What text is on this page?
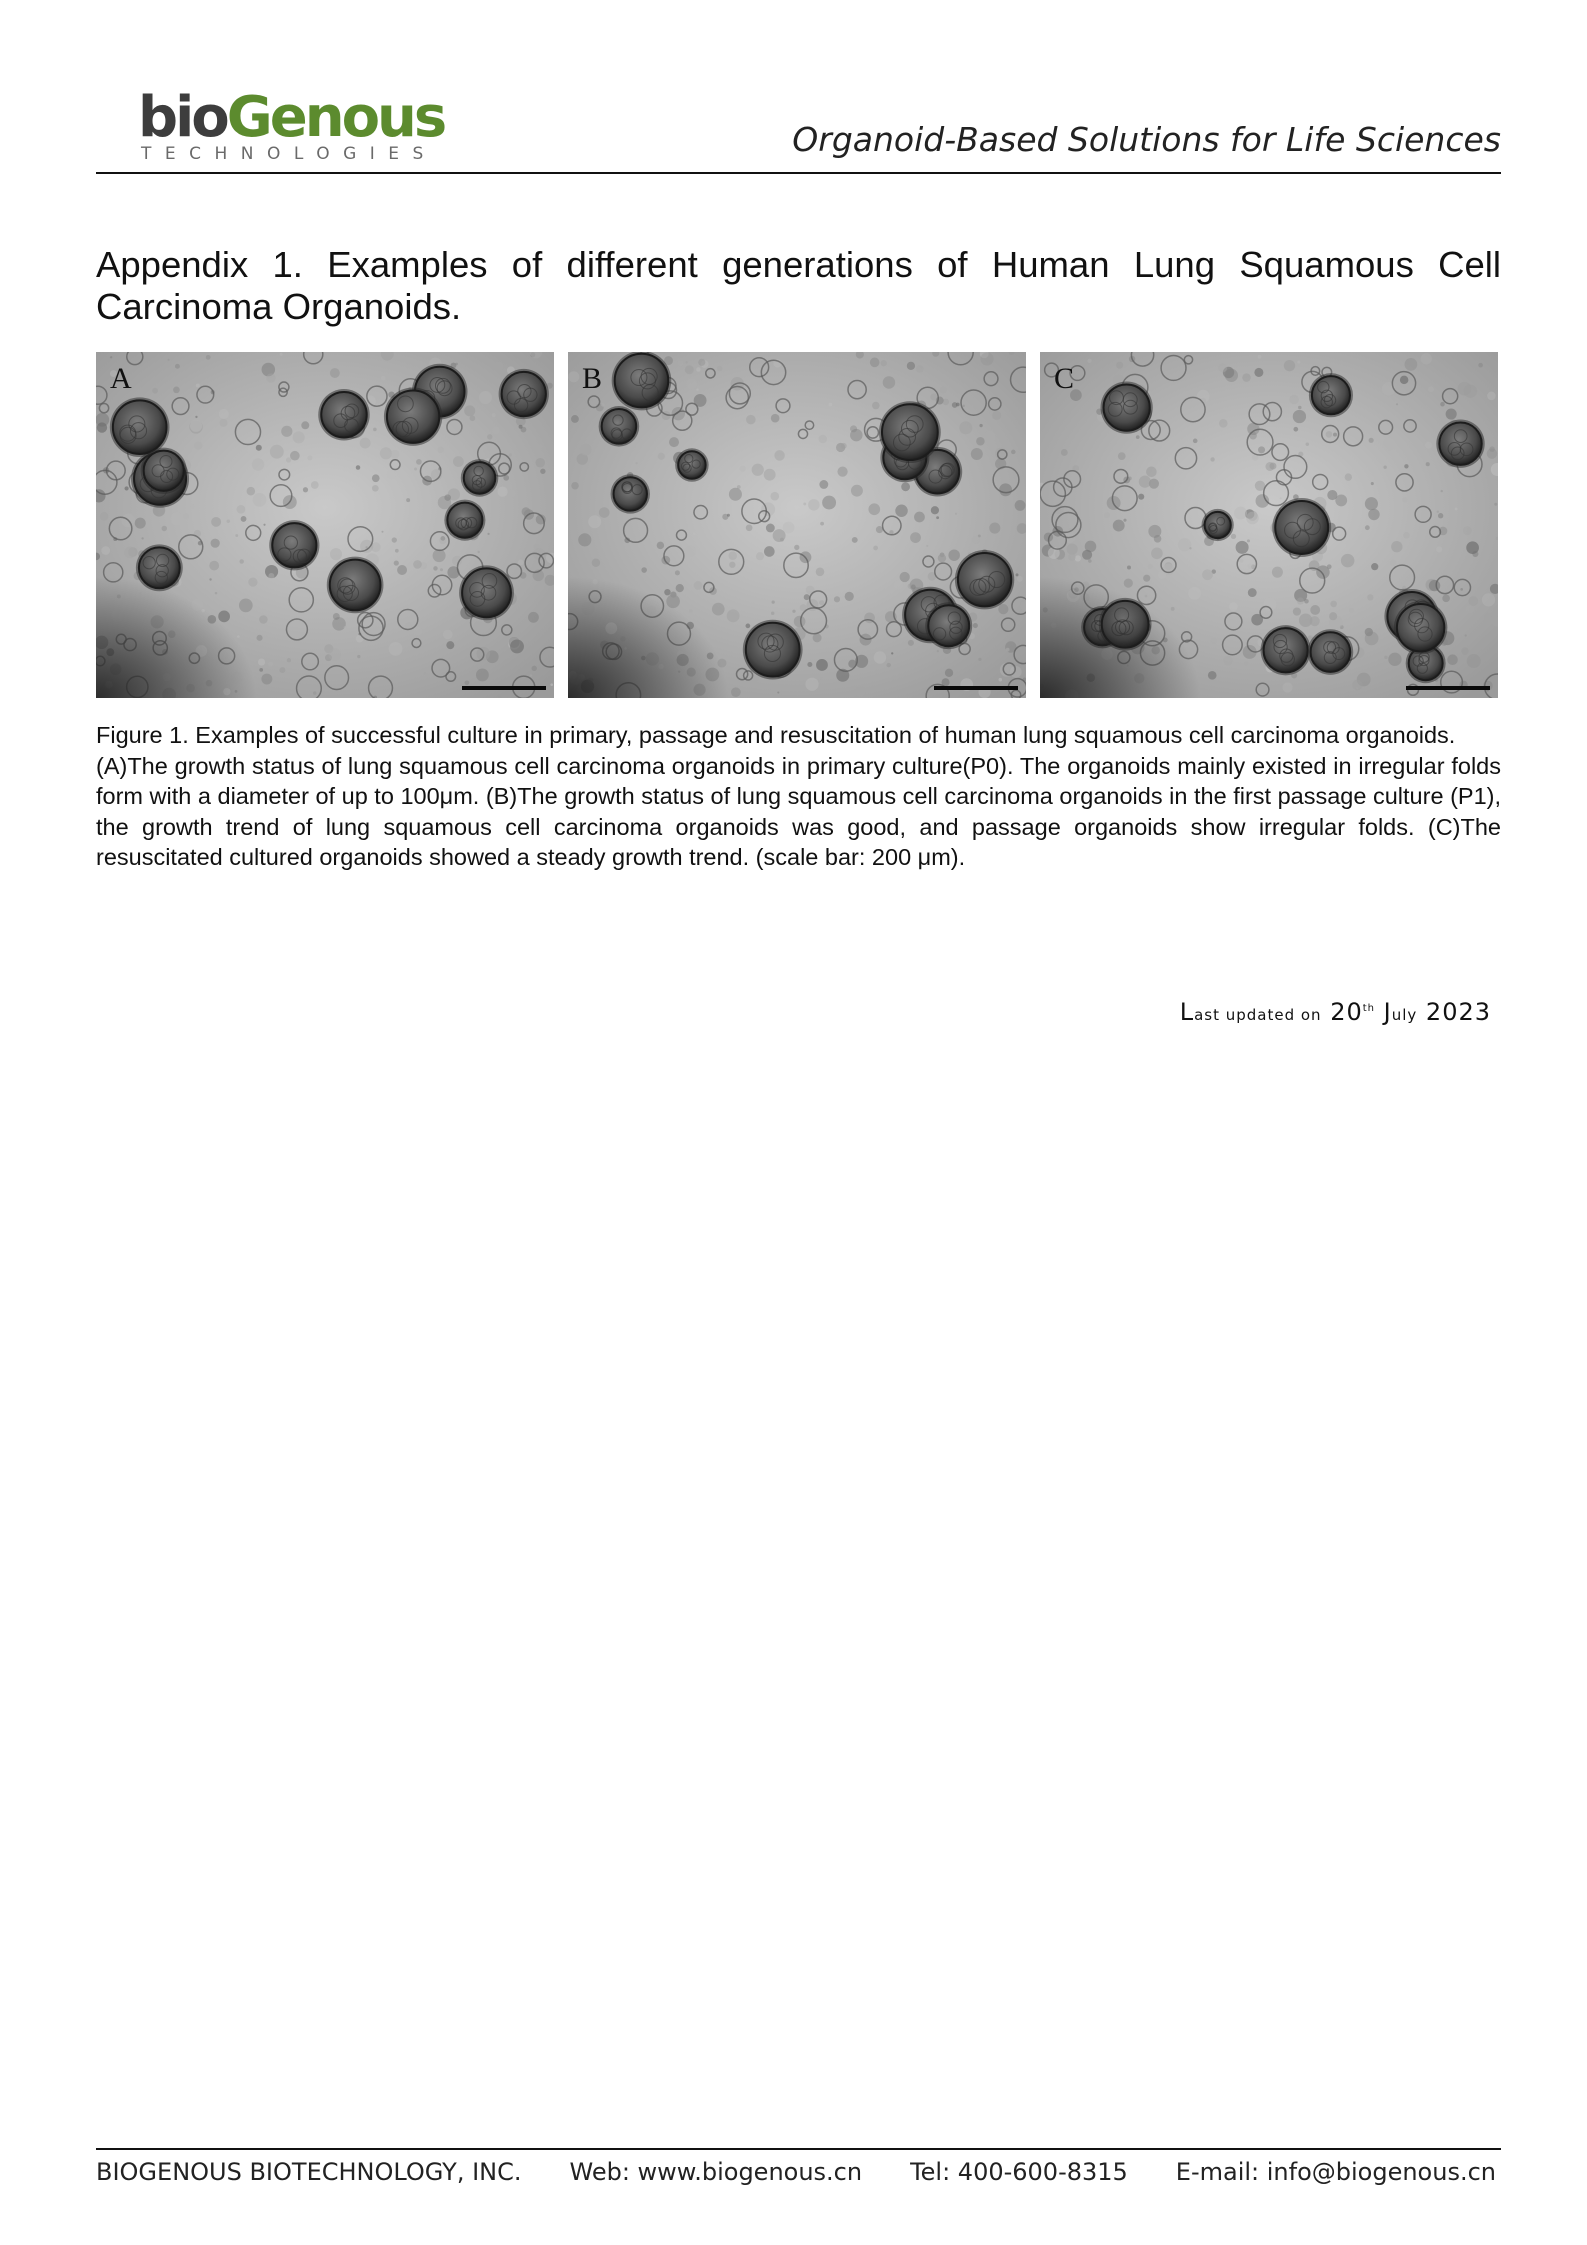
bioGenous
TECHNOLOGIES	Organoid-Based Solutions for Life Sciences
Appendix 1. Examples of different generations of Human Lung Squamous Cell Carcinoma Organoids.
A	B	C

Figure 1. Examples of successful culture in primary, passage and resuscitation of human lung squamous cell carcinoma organoids.

(A)The growth status of lung squamous cell carcinoma organoids in primary culture(P0). The organoids mainly existed in irregular folds form with a diameter of up to 100μm. (B)The growth status of lung squamous cell carcinoma organoids in the first passage culture (P1), the growth trend of lung squamous cell carcinoma organoids was good, and passage organoids show irregular folds. (C)The resuscitated cultured organoids showed a steady growth trend. (scale bar: 200 μm).

Last updated on 20th July 2023
BIOGENOUS BIOTECHNOLOGY, INC. Web: www.biogenous.cn Tel: 400-600-8315 E-mail: info@biogenous.cn
